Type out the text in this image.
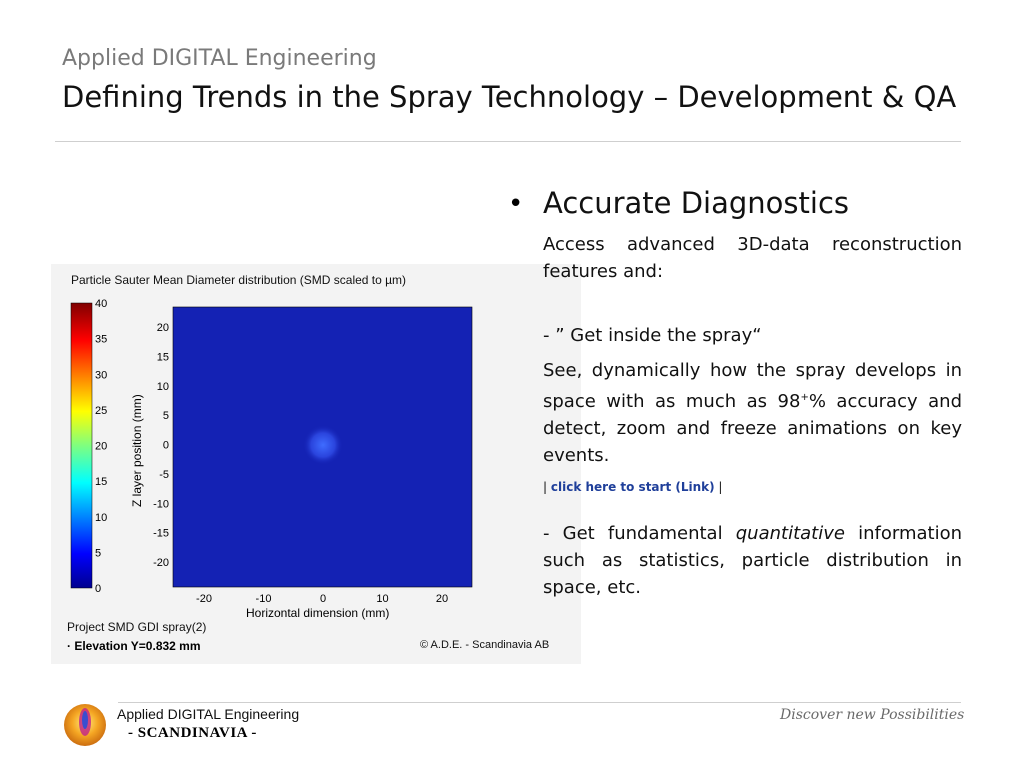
Applied DIGITAL Engineering
Defining Trends in the Spray Technology – Development & QA
40
35
30
25
20
15
10
5
0
20
15
10
5
0
-5
-10
-15
-20
-20	-10	0	10	20
Z layer position (mm)
Horizontal dimension (mm)
Particle Sauter Mean Diameter distribution (SMD scaled to µm)
Project SMD GDI spray(2)
· Elevation Y=0.832 mm	© A.D.E. - Scandinavia AB
• Accurate Diagnostics
Access advanced 3D-data reconstruction features and:
- ” Get inside the spray“
See, dynamically how the spray develops in space with as much as 98+% accuracy and detect, zoom and freeze animations on key events.
| click here to start (Link) |
- Get fundamental quantitative information such as statistics, particle distribution in space, etc.
Applied DIGITAL Engineering
- SCANDINAVIA -
Discover new Possibilities
